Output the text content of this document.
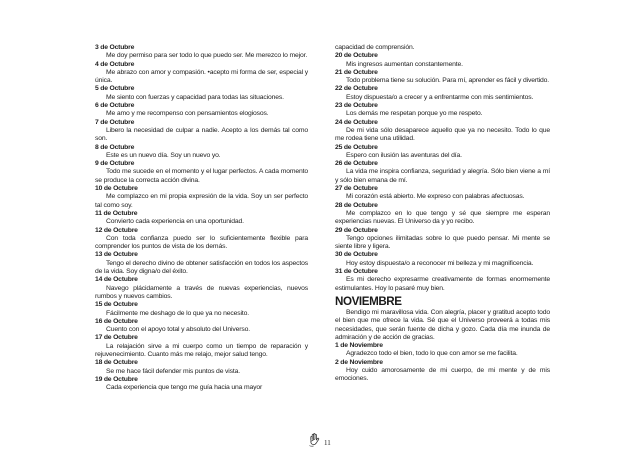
3 de Octubre

Me doy permiso para ser todo lo que puedo ser. Me merezco lo mejor.

4 de Octubre

Me abrazo con amor y compasión. •acepto mi forma de ser, especial y única.

5 de Octubre

Me siento con fuerzas y capacidad para todas las situaciones.

6 de Octubre

Me amo y me recompenso con pensamientos elogiosos.

7 de Octubre

Libero la necesidad de culpar a nadie. Acepto a los demás tal como son.

8 de Octubre

Este es un nuevo día. Soy un nuevo yo.

9 de Octubre

Todo me sucede en el momento y el lugar perfectos. A cada momento se produce la correcta acción divina.

10 de Octubre

Me complazco en mi propia expresión de la vida. Soy un ser perfecto tal como soy.

11 de Octubre

Convierto cada experiencia en una oportunidad.

12 de Octubre

Con toda confianza puedo ser lo suficientemente flexible para comprender los puntos de vista de los demás.

13 de Octubre

Tengo el derecho divino de obtener satisfacción en todos los aspectos de la vida. Soy digna/o del éxito.

14 de Octubre

Navego plácidamente a través de nuevas experiencias, nuevos rumbos y nuevos cambios.

15 de Octubre

Fácilmente me deshago de lo que ya no necesito.

16 de Octubre

Cuento con el apoyo total y absoluto del Universo.

17 de Octubre

La relajación sirve a mi cuerpo como un tiempo de reparación y rejuvenecimiento. Cuanto más me relajo, mejor salud tengo.

18 de Octubre

Se me hace fácil defender mis puntos de vista.

19 de Octubre

Cada experiencia que tengo me guía hacia una mayor

capacidad de comprensión.

20 de Octubre

Mis ingresos aumentan constantemente.

21 de Octubre

Todo problema tiene su solución. Para mí, aprender es fácil y divertido.

22 de Octubre

Estoy dispuesta/o a crecer y a enfrentarme con mis sentimientos.

23 de Octubre

Los demás me respetan porque yo me respeto.

24 de Octubre

De mi vida sólo desaparece aquello que ya no necesito. Todo lo que me rodea tiene una utilidad.

25 de Octubre

Espero con ilusión las aventuras del día.

26 de Octubre

La vida me inspira confianza, seguridad y alegría. Sólo bien viene a mí y sólo bien emana de mí.

27 de Octubre

Mi corazón está abierto. Me expreso con palabras afectuosas.

28 de Octubre

Me complazco en lo que tengo y sé que siempre me esperan experiencias nuevas. El Universo da y yo recibo.

29 de Octubre

Tengo opciones ilimitadas sobre lo que puedo pensar. Mi mente se siente libre y ligera.

30 de Octubre

Hoy estoy dispuesta/o a reconocer mi belleza y mi magnificencia.

31 de Octubre

Es mi derecho expresarme creativamente de formas enormemente estimulantes. Hoy lo pasaré muy bien.

NOVIEMBRE

Bendigo mi maravillosa vida. Con alegría, placer y gratitud acepto todo el bien que me ofrece la vida. Sé que el Universo proveerá a todas mis necesidades, que serán fuente de dicha y gozo. Cada día me inunda de admiración y de acción de gracias.

1 de Noviembre

Agradezco todo el bien, todo lo que con amor se me facilita.

2 de Noviembre

Hoy cuido amorosamente de mi cuerpo, de mi mente y de mis emociones.

11
